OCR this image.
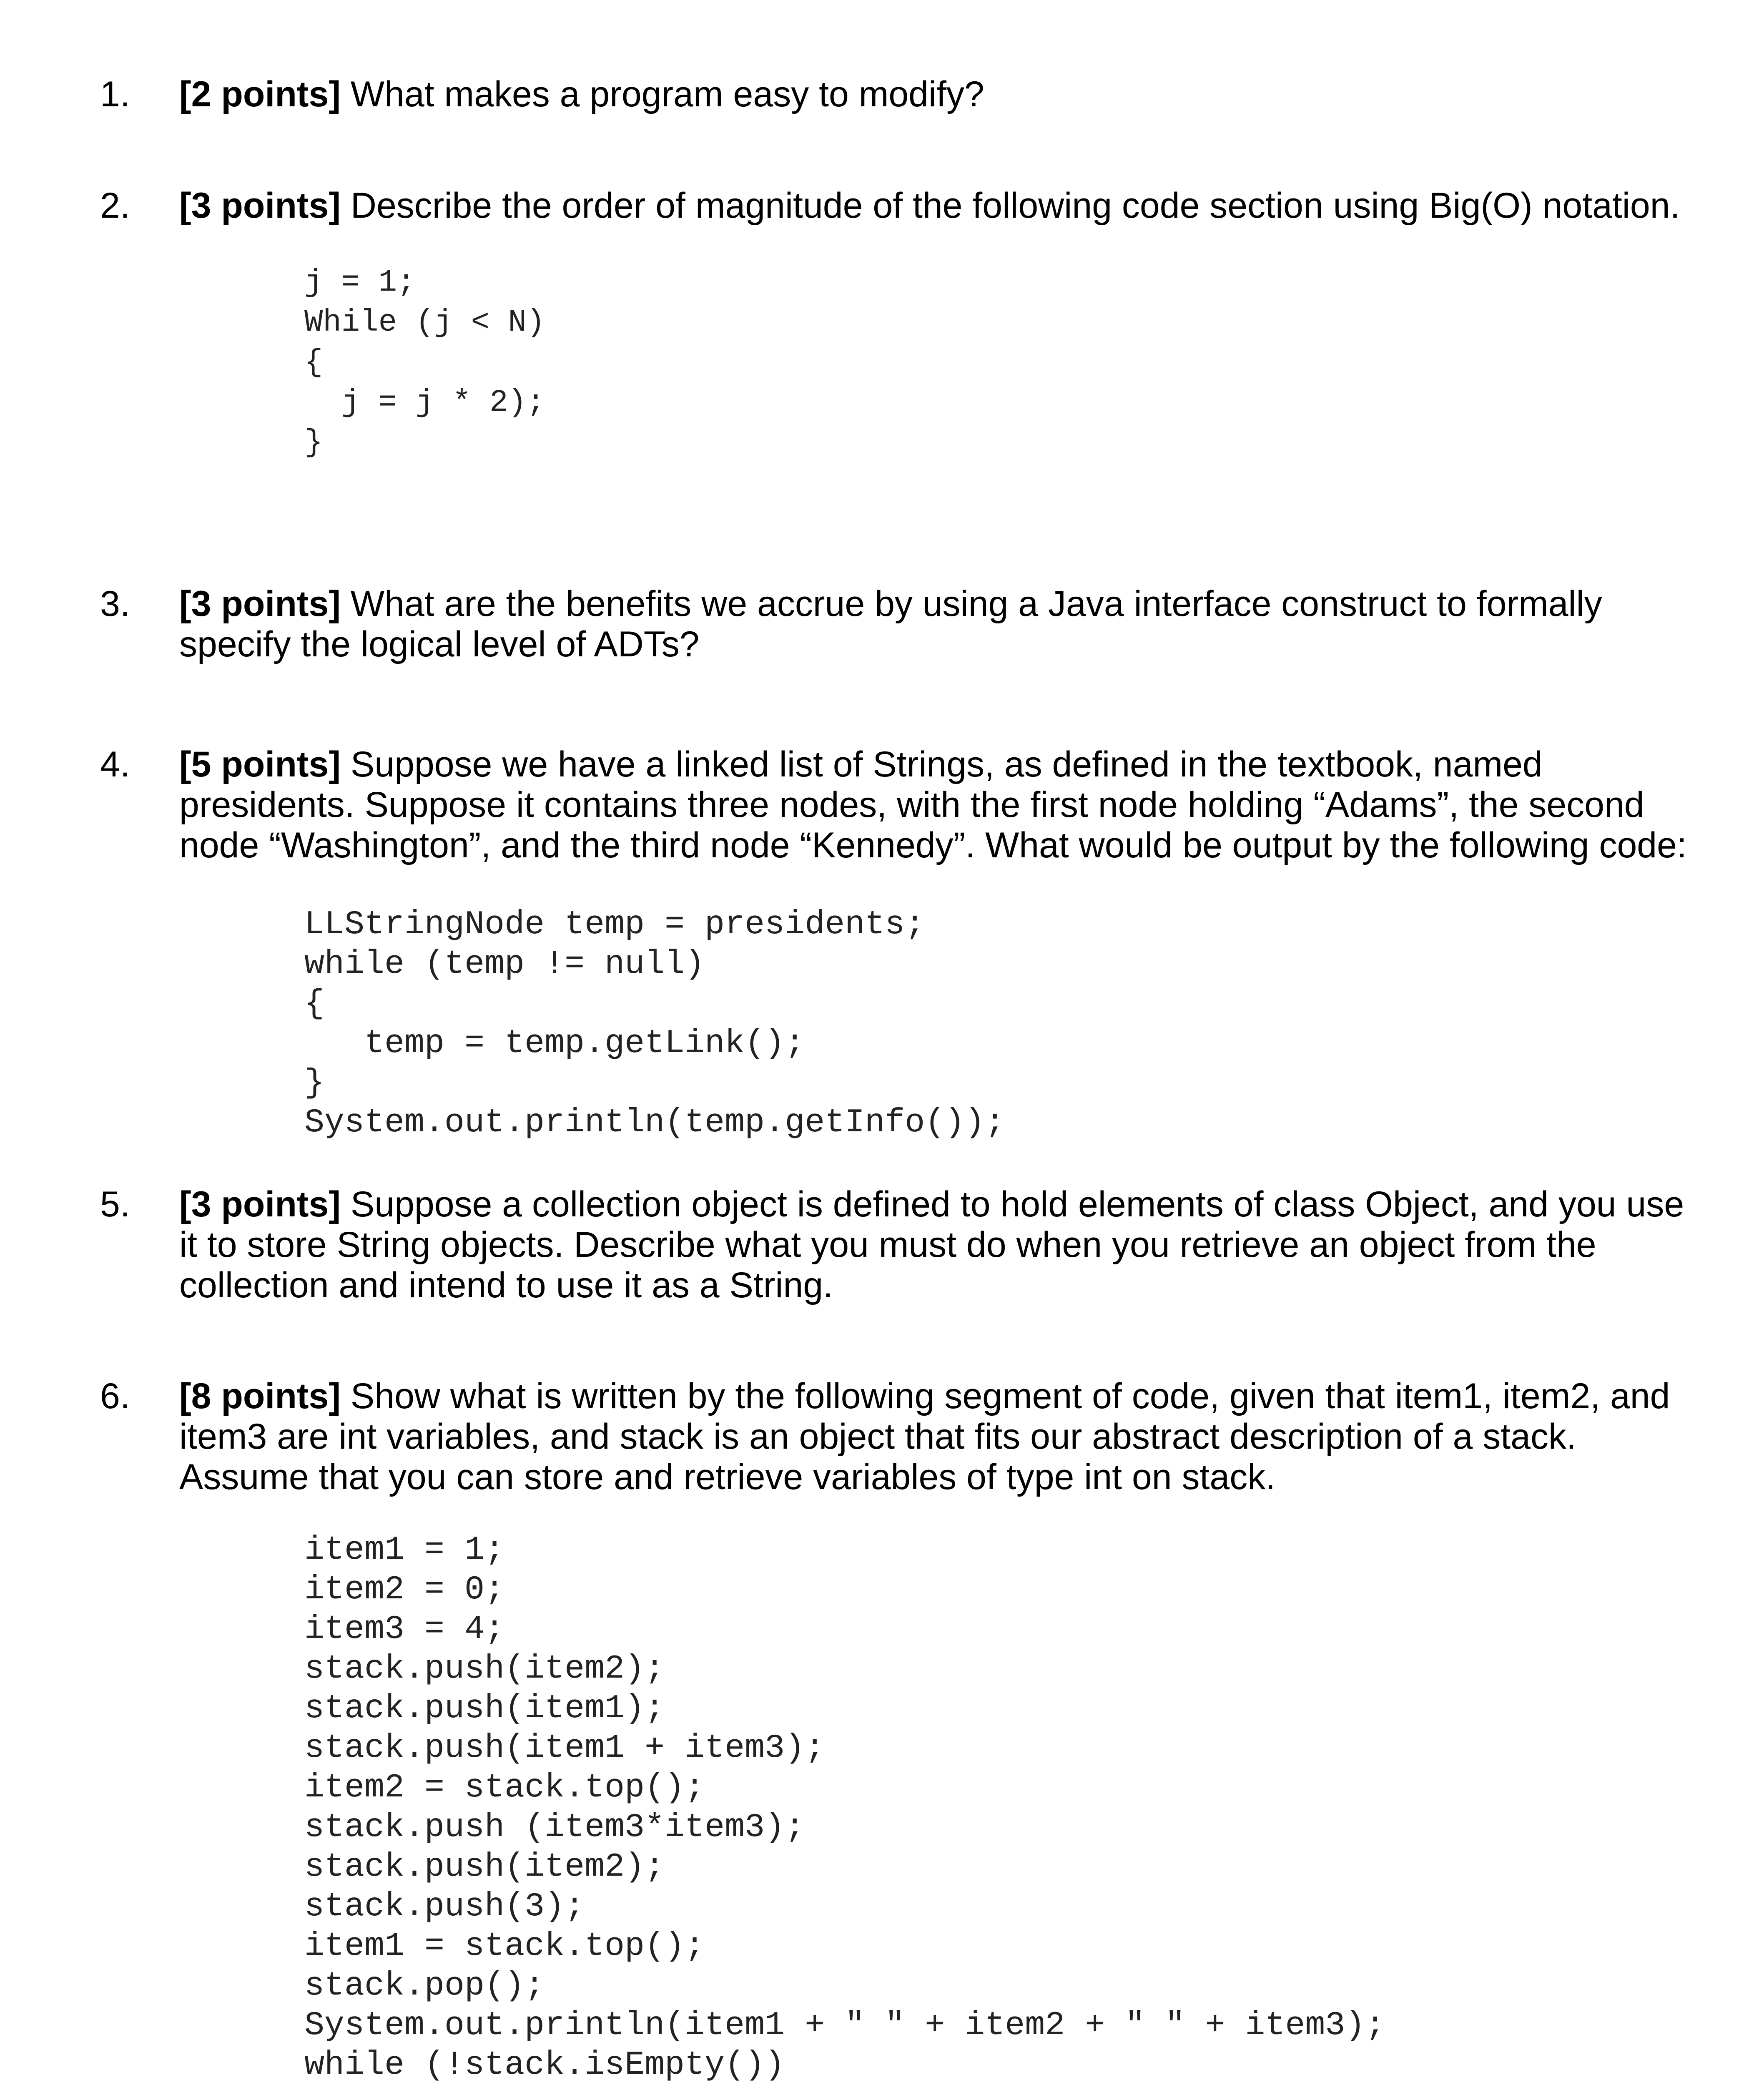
1. [2 points] What makes a program easy to modify?
2. [3 points] Describe the order of magnitude of the following code section using Big(O) notation.
j = 1;
While (j < N)
{
j = j * 2);
}
3. [3 points] What are the benefits we accrue by using a Java interface construct to formally specify the logical level of ADTs?
4. [5 points] Suppose we have a linked list of Strings, as defined in the textbook, named presidents. Suppose it contains three nodes, with the first node holding “Adams”, the second node “Washington”, and the third node “Kennedy”. What would be output by the following code:
LLStringNode temp = presidents;
while (temp != null)
{
temp = temp.getLink();
}
System.out.println(temp.getInfo());
5. [3 points] Suppose a collection object is defined to hold elements of class Object, and you use it to store String objects. Describe what you must do when you retrieve an object from the collection and intend to use it as a String.
6. [8 points] Show what is written by the following segment of code, given that item1, item2, and item3 are int variables, and stack is an object that fits our abstract description of a stack. Assume that you can store and retrieve variables of type int on stack.
item1 = 1;
item2 = 0;
item3 = 4;
stack.push(item2);
stack.push(item1);
stack.push(item1 + item3);
item2 = stack.top();
stack.push (item3*item3);
stack.push(item2);
stack.push(3);
item1 = stack.top();
stack.pop();
System.out.println(item1 + " " + item2 + " " + item3);
while (!stack.isEmpty())
